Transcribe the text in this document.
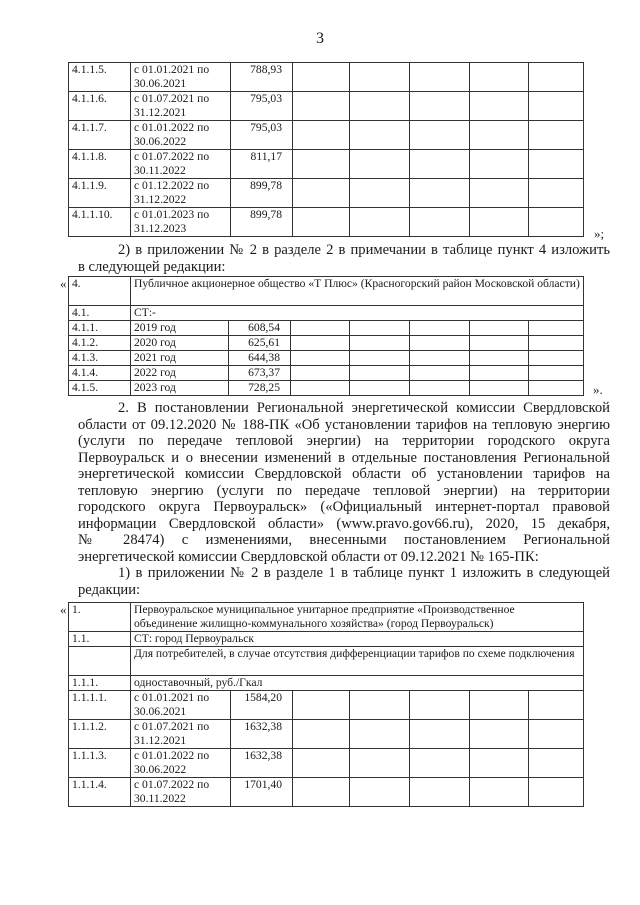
3
4.1.1.5.	с 01.01.2021 по 30.06.2021	788,93					
4.1.1.6.	с 01.07.2021 по 31.12.2021	795,03					
4.1.1.7.	с 01.01.2022 по 30.06.2022	795,03					
4.1.1.8.	с 01.07.2022 по 30.11.2022	811,17					
4.1.1.9.	с 01.12.2022 по 31.12.2022	899,78					
4.1.1.10.	с 01.01.2023 по 31.12.2023	899,78					
»;
2) в приложении № 2 в разделе 2 в примечании в таблице пункт 4 изложить
в следующей редакции:
« 4.	Публичное акционерное общество «Т Плюс» (Красногорский район Московской области)						
4.1.	СТ:-						
4.1.1.	2019 год	608,54					
4.1.2.	2020 год	625,61					
4.1.3.	2021 год	644,38					
4.1.4.	2022 год	673,37					
4.1.5.	2023 год	728,25						».
2. В постановлении Региональной энергетической комиссии Свердловской
области от 09.12.2020 № 188-ПК «Об установлении тарифов на тепловую энергию
(услуги по передаче тепловой энергии) на территории городского округа
Первоуральск и о внесении изменений в отдельные постановления Региональной
энергетической комиссии Свердловской области об установлении тарифов на
тепловую энергию (услуги по передаче тепловой энергии) на территории
городского округа Первоуральск» («Официальный интернет-портал правовой
информации Свердловской области» (www.pravo.gov66.ru), 2020, 15 декабря,
№ 28474) с изменениями, внесенными постановлением Региональной
энергетической комиссии Свердловской области от 09.12.2021 № 165-ПК:
1) в приложении № 2 в разделе 1 в таблице пункт 1 изложить в следующей
редакции:
« 1.	Первоуральское муниципальное унитарное предприятие «Производственное объединение жилищно-коммунального хозяйства» (город Первоуральск)						
1.1.	СТ: город Первоуральск						
	Для потребителей, в случае отсутствия дифференциации тарифов по схеме подключения						
1.1.1.	одноставочный, руб./Гкал						
1.1.1.1.	с 01.01.2021 по 30.06.2021	1584,20					
1.1.1.2.	с 01.07.2021 по 31.12.2021	1632,38					
1.1.1.3.	с 01.01.2022 по 30.06.2022	1632,38					
1.1.1.4.	с 01.07.2022 по 30.11.2022	1701,40					
